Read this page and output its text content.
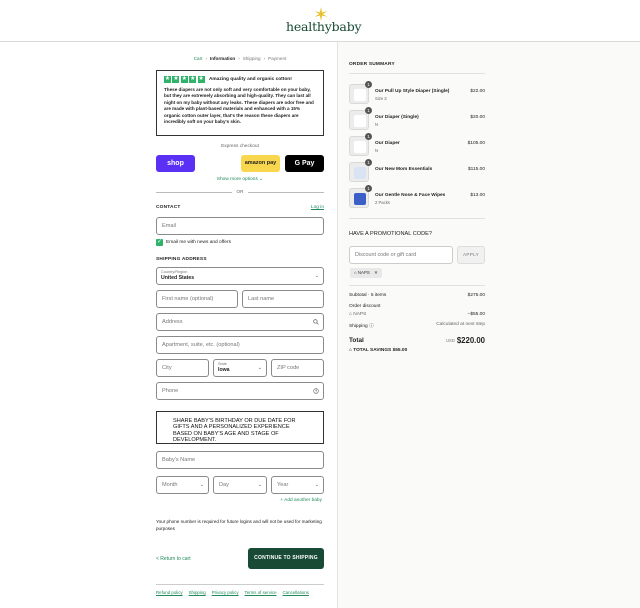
healthybaby
Cart › Information › Shipping › Payment
★ ★ ★ ★ ★ Amazing quality and organic cotton!
These diapers are not only soft and very comfortable on your baby, but they are extremely absorbing and high-quality. They can last all night on my baby without any leaks. These diapers are odor free and are made with plant-based materials and enhanced with a 15% organic cotton outer layer, that's the reason these diapers are incredibly soft on your baby's skin.
Express checkout
shop	amazon pay	G Pay
Show more options ⌄
OR
CONTACT	Log in
Email
✓ Email me with news and offers
SHIPPING ADDRESS
Country/Region
United States	⌄
First name (optional)	Last name
Address
Apartment, suite, etc. (optional)
City
State
Iowa	⌄	ZIP code
Phone
SHARE BABY'S BIRTHDAY OR DUE DATE FOR GIFTS AND A PERSONALIZED EXPERIENCE BASED ON BABY'S AGE AND STAGE OF DEVELOPMENT.
Baby's Name
Month	⌄	Day	⌄	Year	⌄
+ Add another baby
Your phone number is required for future logins and will not be used for marketing purposes
< Return to cart	CONTINUE TO SHIPPING
Refund policy Shipping Privacy policy Terms of service Cancellations
ORDER SUMMARY
1
Our Pull Up Style Diaper (Single)
Size 3
$22.00
1
Our Diaper (Single)
N
$20.00
1
Our Diaper
N
$105.00
1
Our New Mom Essentials	$115.00
1
Our Gentle Nose & Face Wipes
2 Packs
$13.00
HAVE A PROMOTIONAL CODE?
Discount code or gift card	APPLY
⌂ NAPS ✕
Subtotal · 5 items	$275.00
Order discount
⌂ NAPS	−$55.00
Shipping ⓘ	Calculated at next step
Total	USD $220.00
⌂ TOTAL SAVINGS $55.00
